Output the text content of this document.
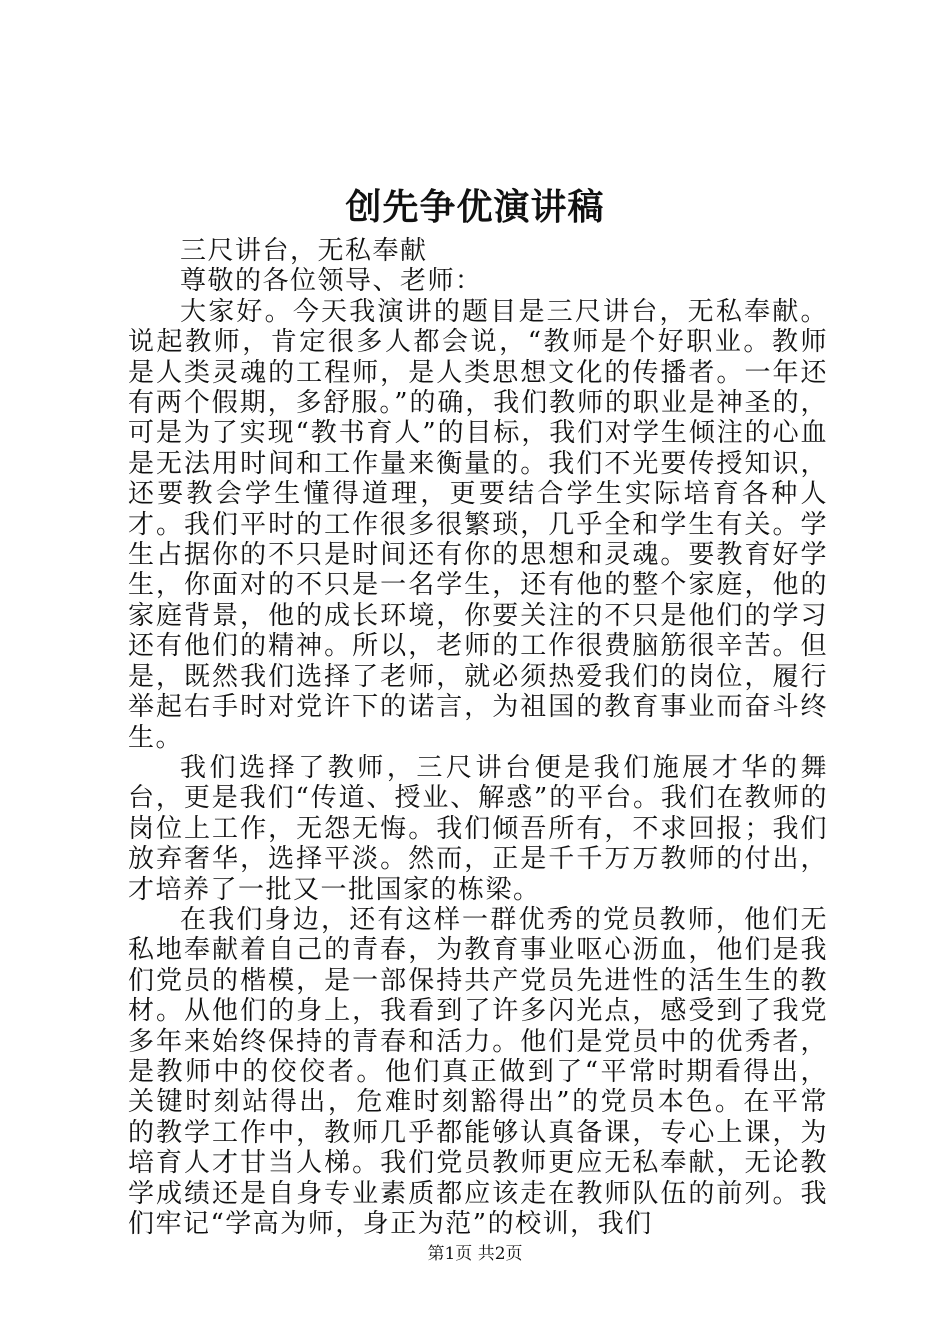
创先争优演讲稿

三尺讲台，无私奉献

尊敬的各位领导、老师：

大家好。今天我演讲的题目是三尺讲台，无私奉献。说起教师，肯定很多人都会说，“教师是个好职业。教师是人类灵魂的工程师，是人类思想文化的传播者。一年还有两个假期，多舒服。”的确，我们教师的职业是神圣的，可是为了实现“教书育人”的目标，我们对学生倾注的心血是无法用时间和工作量来衡量的。我们不光要传授知识，还要教会学生懂得道理，更要结合学生实际培育各种人才。我们平时的工作很多很繁琐，几乎全和学生有关。学生占据你的不只是时间还有你的思想和灵魂。要教育好学生，你面对的不只是一名学生，还有他的整个家庭，他的家庭背景，他的成长环境，你要关注的不只是他们的学习还有他们的精神。所以，老师的工作很费脑筋很辛苦。但是，既然我们选择了老师，就必须热爱我们的岗位，履行举起右手时对党许下的诺言，为祖国的教育事业而奋斗终生。

我们选择了教师，三尺讲台便是我们施展才华的舞台，更是我们“传道、授业、解惑”的平台。我们在教师的岗位上工作，无怨无悔。我们倾吾所有，不求回报；我们放弃奢华，选择平淡。然而，正是千千万万教师的付出，才培养了一批又一批国家的栋梁。

在我们身边，还有这样一群优秀的党员教师，他们无私地奉献着自己的青春，为教育事业呕心沥血，他们是我们党员的楷模，是一部保持共产党员先进性的活生生的教材。从他们的身上，我看到了许多闪光点，感受到了我党多年来始终保持的青春和活力。他们是党员中的优秀者，是教师中的佼佼者。他们真正做到了“平常时期看得出，关键时刻站得出，危难时刻豁得出”的党员本色。在平常的教学工作中，教师几乎都能够认真备课，专心上课，为培育人才甘当人梯。我们党员教师更应无私奉献，无论教学成绩还是自身专业素质都应该走在教师队伍的前列。我们牢记“学高为师，身正为范”的校训，我们

第1页 共2页
